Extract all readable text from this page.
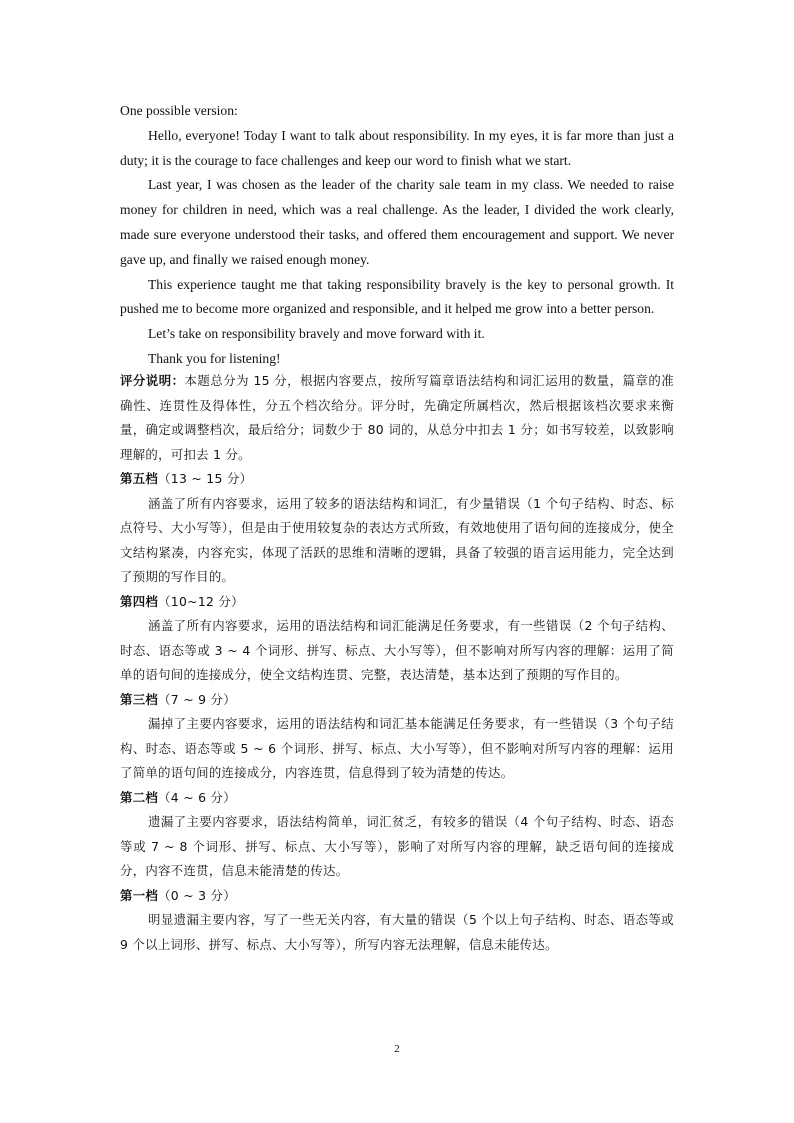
One possible version:

Hello, everyone! Today I want to talk about responsibility. In my eyes, it is far more than just a duty; it is the courage to face challenges and keep our word to finish what we start.

Last year, I was chosen as the leader of the charity sale team in my class. We needed to raise money for children in need, which was a real challenge. As the leader, I divided the work clearly, made sure everyone understood their tasks, and offered them encouragement and support. We never gave up, and finally we raised enough money.

This experience taught me that taking responsibility bravely is the key to personal growth. It pushed me to become more organized and responsible, and it helped me grow into a better person.

Let’s take on responsibility bravely and move forward with it.

Thank you for listening!

评分说明：本题总分为 15 分，根据内容要点，按所写篇章语法结构和词汇运用的数量，篇章的准确性、连贯性及得体性，分五个档次给分。评分时，先确定所属档次，然后根据该档次要求来衡量，确定或调整档次，最后给分；词数少于 80 词的，从总分中扣去 1 分；如书写较差，以致影响理解的，可扣去 1 分。

第五档（13 ~ 15 分）

涵盖了所有内容要求，运用了较多的语法结构和词汇，有少量错误（1 个句子结构、时态、标点符号、大小写等），但是由于使用较复杂的表达方式所致，有效地使用了语句间的连接成分，使全文结构紧凑，内容充实，体现了活跃的思维和清晰的逻辑，具备了较强的语言运用能力，完全达到了预期的写作目的。

第四档（10~12 分）

涵盖了所有内容要求，运用的语法结构和词汇能满足任务要求，有一些错误（2 个句子结构、时态、语态等或 3 ~ 4 个词形、拼写、标点、大小写等），但不影响对所写内容的理解：运用了简单的语句间的连接成分，使全文结构连贯、完整，表达清楚，基本达到了预期的写作目的。

第三档（7 ~ 9 分）

漏掉了主要内容要求，运用的语法结构和词汇基本能满足任务要求，有一些错误（3 个句子结构、时态、语态等或 5 ~ 6 个词形、拼写、标点、大小写等），但不影响对所写内容的理解：运用了简单的语句间的连接成分，内容连贯，信息得到了较为清楚的传达。

第二档（4 ~ 6 分）

遗漏了主要内容要求，语法结构简单，词汇贫乏，有较多的错误（4 个句子结构、时态、语态等或 7 ~ 8 个词形、拼写、标点、大小写等），影响了对所写内容的理解，缺乏语句间的连接成分，内容不连贯，信息未能清楚的传达。

第一档（0 ~ 3 分）

明显遗漏主要内容，写了一些无关内容，有大量的错误（5 个以上句子结构、时态、语态等或 9 个以上词形、拼写、标点、大小写等），所写内容无法理解，信息未能传达。

2
